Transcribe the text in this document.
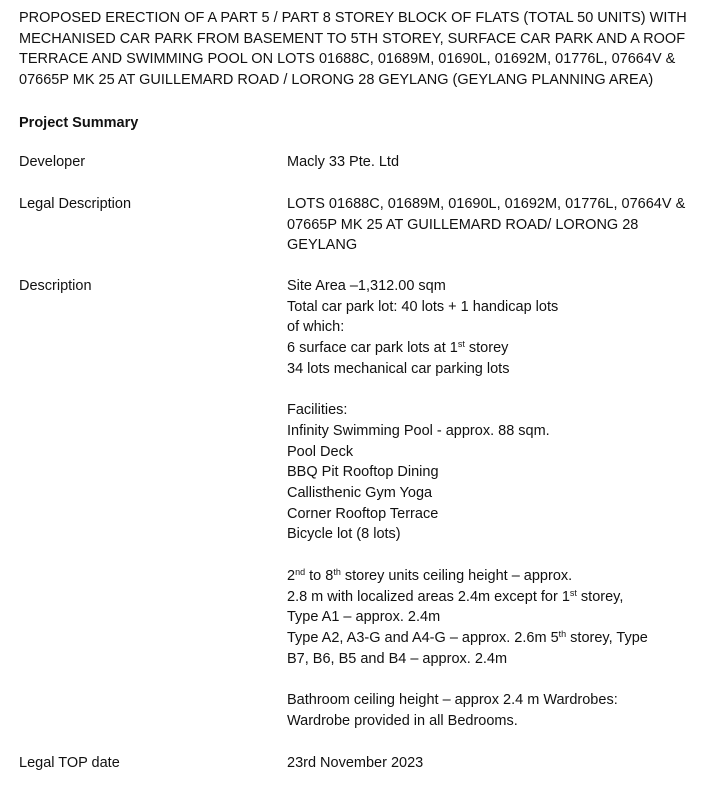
PROPOSED ERECTION OF A PART 5 / PART 8 STOREY BLOCK OF FLATS (TOTAL 50 UNITS) WITH
MECHANISED CAR PARK FROM BASEMENT TO 5TH STOREY, SURFACE CAR PARK AND A ROOF
TERRACE AND SWIMMING POOL ON LOTS 01688C, 01689M, 01690L, 01692M, 01776L, 07664V &
07665P MK 25 AT GUILLEMARD ROAD / LORONG 28 GEYLANG (GEYLANG PLANNING AREA)
Project Summary
Developer	Macly 33 Pte. Ltd
Legal Description	LOTS 01688C, 01689M, 01690L, 01692M, 01776L, 07664V &
07665P MK 25 AT GUILLEMARD ROAD/ LORONG 28
GEYLANG
Description	Site Area –1,312.00 sqm
Total car park lot: 40 lots + 1 handicap lots
of which:
6 surface car park lots at 1st storey
34 lots mechanical car parking lots
Facilities:
Infinity Swimming Pool - approx. 88 sqm.
Pool Deck
BBQ Pit Rooftop Dining
Callisthenic Gym Yoga
Corner Rooftop Terrace
Bicycle lot (8 lots)
2nd to 8th storey units ceiling height – approx.
2.8 m with localized areas 2.4m except for 1st storey,
Type A1 – approx. 2.4m
Type A2, A3-G and A4-G – approx. 2.6m 5th storey, Type
B7, B6, B5 and B4 – approx. 2.4m
Bathroom ceiling height – approx 2.4 m Wardrobes:
Wardrobe provided in all Bedrooms.
Legal TOP date	23rd November 2023
